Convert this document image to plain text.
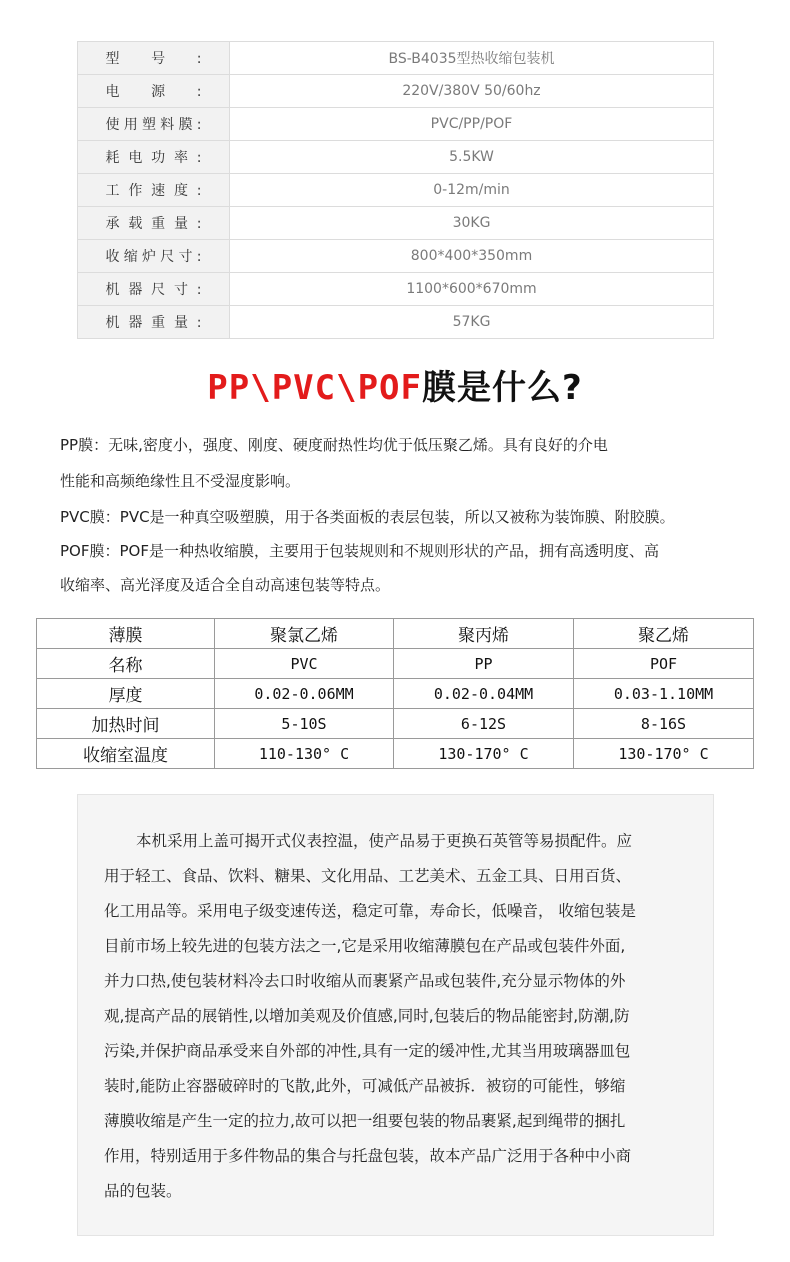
型号:	BS-B4035型热收缩包装机
电源:	220V/380V 50/60hz
使用塑料膜:	PVC/PP/POF
耗电功率:	5.5KW
工作速度:	0-12m/min
承载重量:	30KG
收缩炉尺寸:	800*400*350mm
机器尺寸:	1100*600*670mm
机器重量:	57KG
PP\PVC\POF膜是什么?
PP膜：无味,密度小，强度、刚度、硬度耐热性均优于低压聚乙烯。具有良好的介电
性能和高频绝缘性且不受湿度影响。
PVC膜：PVC是一种真空吸塑膜，用于各类面板的表层包装，所以又被称为装饰膜、附胶膜。
POF膜：POF是一种热收缩膜，主要用于包装规则和不规则形状的产品，拥有高透明度、高
收缩率、高光泽度及适合全自动高速包装等特点。
薄膜	聚氯乙烯	聚丙烯	聚乙烯
名称	PVC	PP	POF
厚度	0.02-0.06MM	0.02-0.04MM	0.03-1.10MM
加热时间	5-10S	6-12S	8-16S
收缩室温度	110-130° C	130-170° C	130-170° C
本机采用上盖可揭开式仪表控温，使产品易于更换石英管等易损配件。应
用于轻工、食品、饮料、糖果、文化用品、工艺美术、五金工具、日用百货、
化工用品等。采用电子级变速传送，稳定可靠，寿命长，低噪音， 收缩包装是
目前市场上较先进的包装方法之一,它是采用收缩薄膜包在产品或包装件外面,
并力口热,使包装材料冷去口时收缩从而裹紧产品或包装件,充分显示物体的外
观,提高产品的展销性,以增加美观及价值感,同时,包装后的物品能密封,防潮,防
污染,并保护商品承受来自外部的冲性,具有一定的缓冲性,尤其当用玻璃器皿包
装时,能防止容器破碎时的飞散,此外，可减低产品被拆．被窃的可能性，够缩
薄膜收缩是产生一定的拉力,故可以把一组要包装的物品裹紧,起到绳带的捆扎
作用，特别适用于多件物品的集合与托盘包装，故本产品广泛用于各种中小商
品的包装。
